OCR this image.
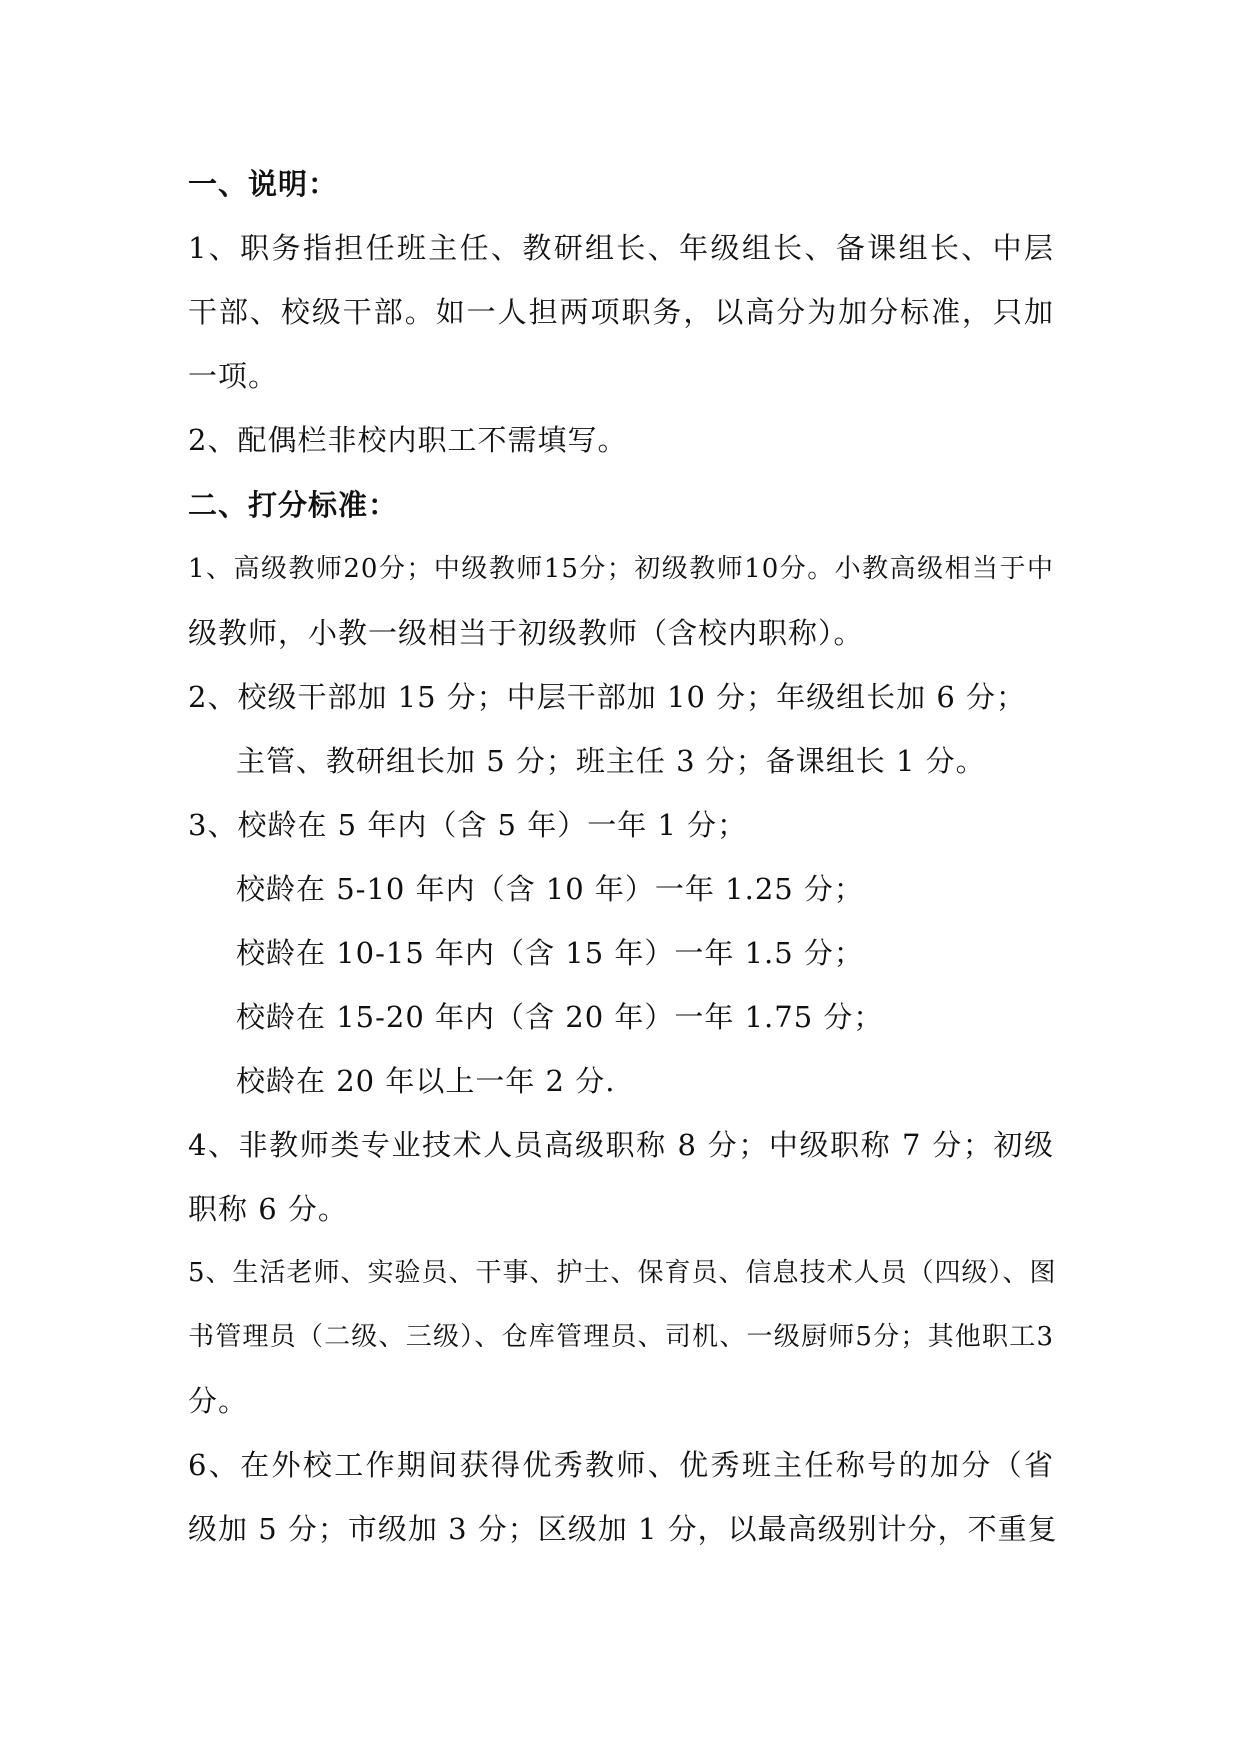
一、说明：
1、职务指担任班主任、教研组长、年级组长、备课组长、中层
干部、校级干部。如一人担两项职务，以高分为加分标准，只加
一项。
2、配偶栏非校内职工不需填写。
二、打分标准：
1、高级教师20分；中级教师15分；初级教师10分。小教高级相当于中
级教师，小教一级相当于初级教师（含校内职称）。
2、校级干部加 15 分；中层干部加 10 分；年级组长加 6 分；
主管、教研组长加 5 分；班主任 3 分；备课组长 1 分。
3、校龄在 5 年内（含 5 年）一年 1 分；
校龄在 5-10 年内（含 10 年）一年 1.25 分；
校龄在 10-15 年内（含 15 年）一年 1.5 分；
校龄在 15-20 年内（含 20 年）一年 1.75 分；
校龄在 20 年以上一年 2 分.
4、非教师类专业技术人员高级职称 8 分；中级职称 7 分；初级
职称 6 分。
5、生活老师、实验员、干事、护士、保育员、信息技术人员（四级）、图
书管理员（二级、三级）、仓库管理员、司机、一级厨师5分；其他职工3
分。
6、在外校工作期间获得优秀教师、优秀班主任称号的加分（省
级加 5 分；市级加 3 分；区级加 1 分，以最高级别计分，不重复
